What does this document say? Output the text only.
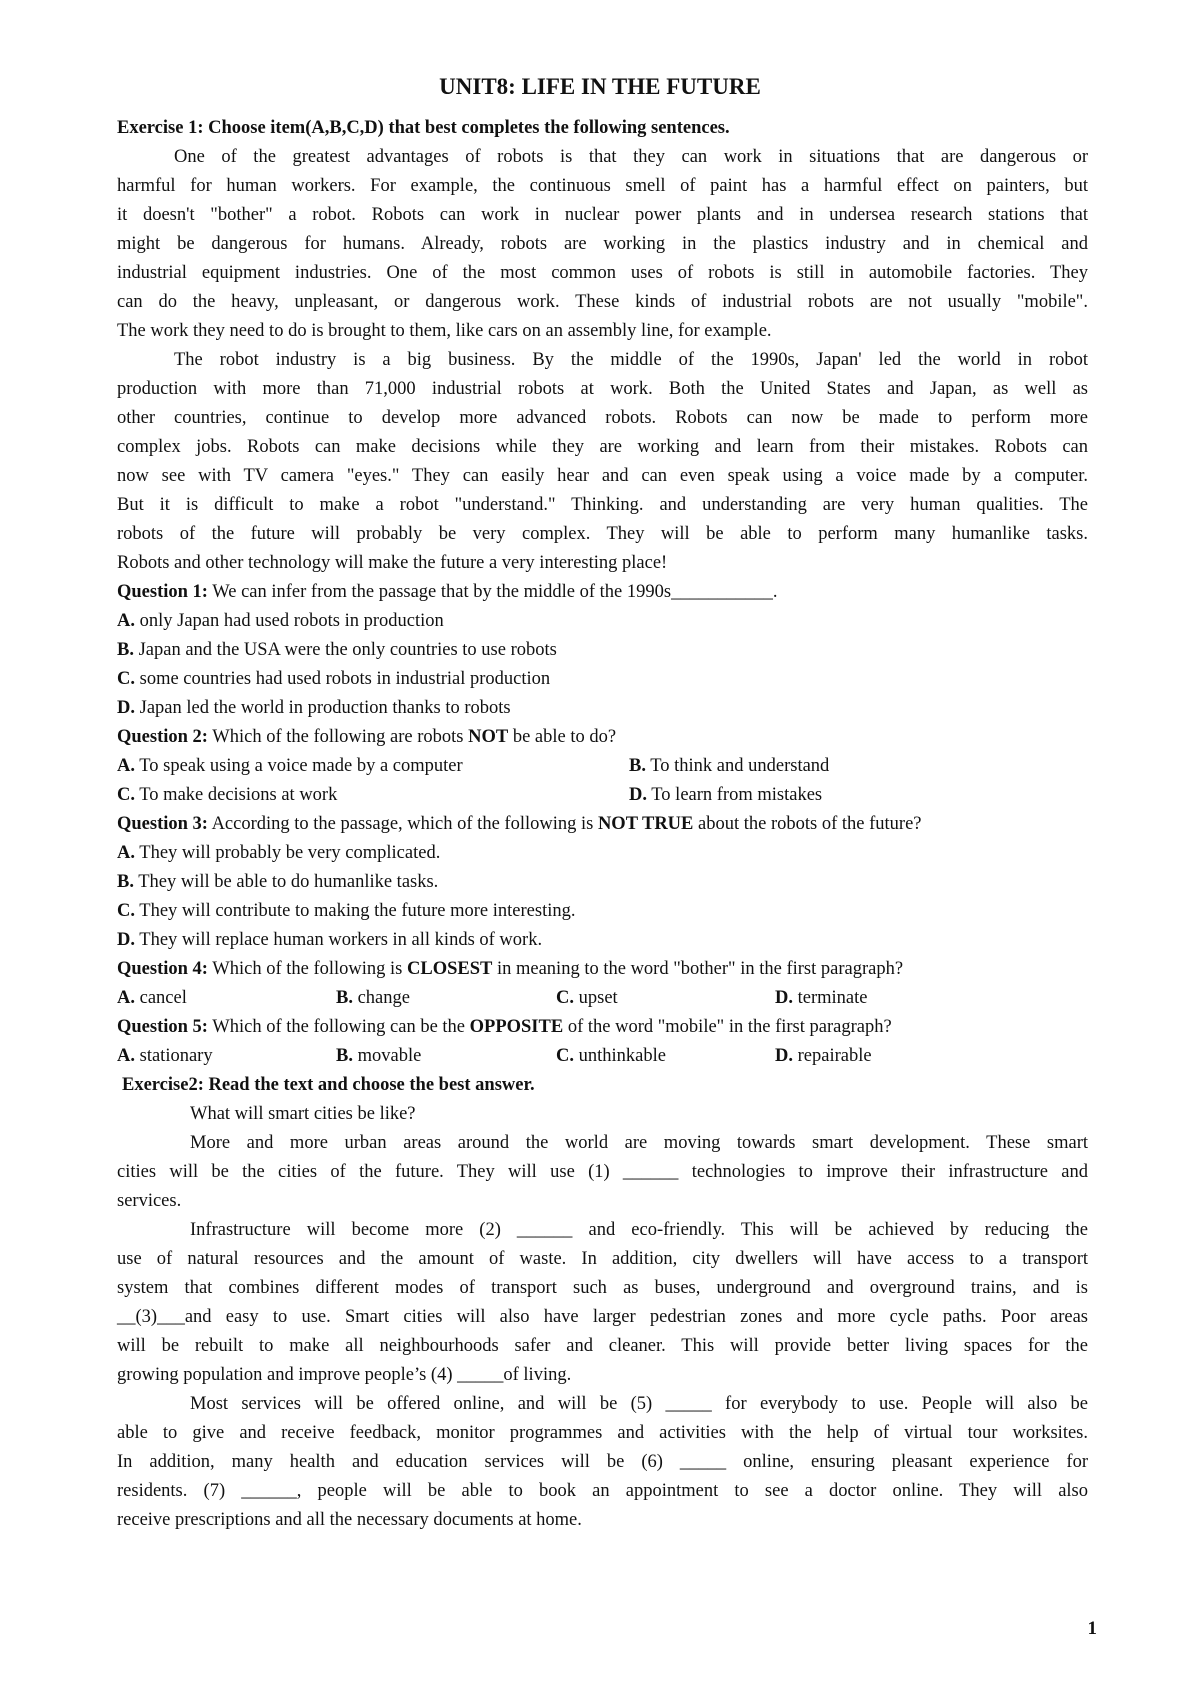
UNIT8: LIFE IN THE FUTURE
Exercise 1: Choose item(A,B,C,D) that best completes the following sentences.
One of the greatest advantages of robots is that they can work in situations that are dangerous or
harmful for human workers. For example, the continuous smell of paint has a harmful effect on painters, but
it doesn't "bother" a robot. Robots can work in nuclear power plants and in undersea research stations that
might be dangerous for humans. Already, robots are working in the plastics industry and in chemical and
industrial equipment industries. One of the most common uses of robots is still in automobile factories. They
can do the heavy, unpleasant, or dangerous work. These kinds of industrial robots are not usually "mobile".
The work they need to do is brought to them, like cars on an assembly line, for example.
The robot industry is a big business. By the middle of the 1990s, Japan' led the world in robot
production with more than 71,000 industrial robots at work. Both the United States and Japan, as well as
other countries, continue to develop more advanced robots. Robots can now be made to perform more
complex jobs. Robots can make decisions while they are working and learn from their mistakes. Robots can
now see with TV camera "eyes." They can easily hear and can even speak using a voice made by a computer.
But it is difficult to make a robot "understand." Thinking. and understanding are very human qualities. The
robots of the future will probably be very complex. They will be able to perform many humanlike tasks.
Robots and other technology will make the future a very interesting place!
Question 1: We can infer from the passage that by the middle of the 1990s___________.
A. only Japan had used robots in production
B. Japan and the USA were the only countries to use robots
C. some countries had used robots in industrial production
D. Japan led the world in production thanks to robots
Question 2: Which of the following are robots NOT be able to do?
A. To speak using a voice made by a computer	B. To think and understand
C. To make decisions at work	D. To learn from mistakes
Question 3: According to the passage, which of the following is NOT TRUE about the robots of the future?
A. They will probably be very complicated.
B. They will be able to do humanlike tasks.
C. They will contribute to making the future more interesting.
D. They will replace human workers in all kinds of work.
Question 4: Which of the following is CLOSEST in meaning to the word "bother" in the first paragraph?
A. cancel	B. change	C. upset	D. terminate
Question 5: Which of the following can be the OPPOSITE of the word "mobile" in the first paragraph?
A. stationary	B. movable	C. unthinkable	D. repairable
Exercise2: Read the text and choose the best answer.
What will smart cities be like?
More and more urban areas around the world are moving towards smart development. These smart
cities will be the cities of the future. They will use (1) ______ technologies to improve their infrastructure and
services.
Infrastructure will become more (2) ______ and eco-friendly. This will be achieved by reducing the
use of natural resources and the amount of waste. In addition, city dwellers will have access to a transport
system that combines different modes of transport such as buses, underground and overground trains, and is
__(3)___and easy to use. Smart cities will also have larger pedestrian zones and more cycle paths. Poor areas
will be rebuilt to make all neighbourhoods safer and cleaner. This will provide better living spaces for the
growing population and improve people’s (4) _____of living.
Most services will be offered online, and will be (5) _____ for everybody to use. People will also be
able to give and receive feedback, monitor programmes and activities with the help of virtual tour worksites.
In addition, many health and education services will be (6) _____ online, ensuring pleasant experience for
residents. (7) ______, people will be able to book an appointment to see a doctor online. They will also
receive prescriptions and all the necessary documents at home.
1
